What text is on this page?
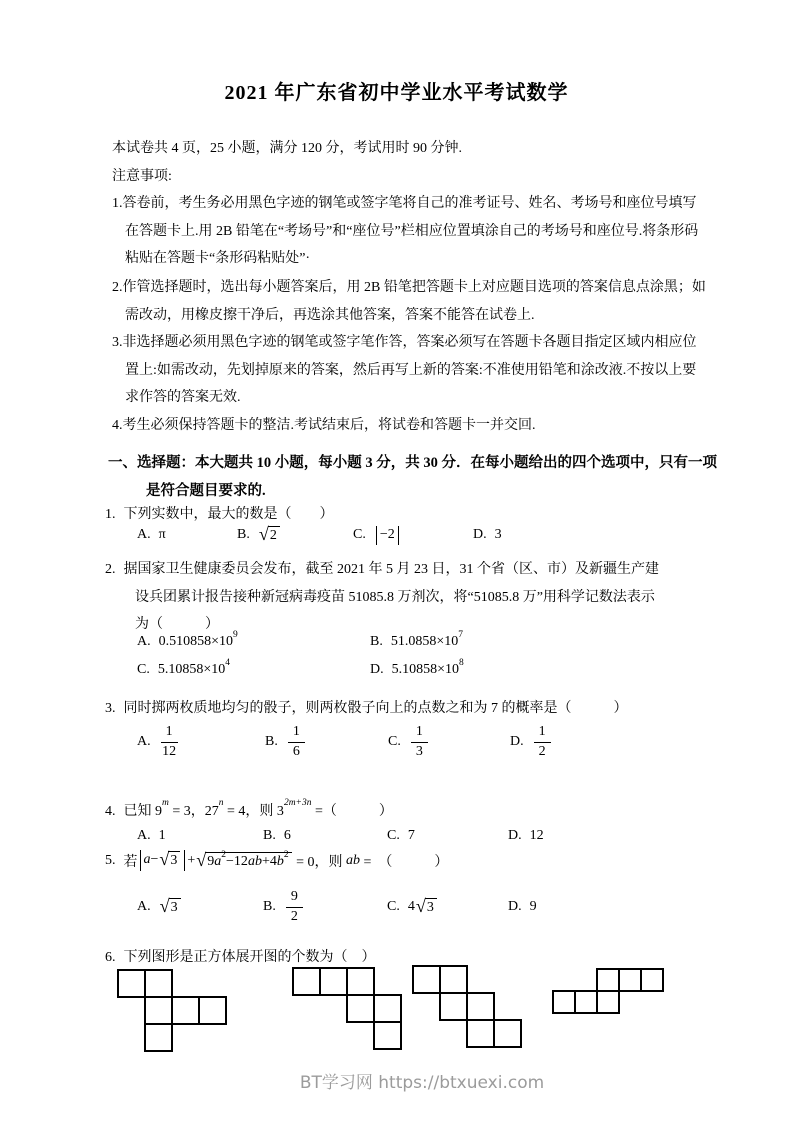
2021 年广东省初中学业水平考试数学
本试卷共 4 页，25 小题，满分 120 分，考试用时 90 分钟.
注意事项:
1.答卷前，考生务必用黑色字迹的钢笔或签字笔将自己的准考证号、姓名、考场号和座位号填写
在答题卡上.用 2B 铅笔在“考场号”和“座位号”栏相应位置填涂自己的考场号和座位号.将条形码
粘贴在答题卡“条形码粘贴处”·
2.作管选择题时，选出每小题答案后，用 2B 铅笔把答题卡上对应题目选项的答案信息点涂黑；如
需改动，用橡皮擦干净后，再选涂其他答案，答案不能答在试卷上.
3.非选择题必须用黑色字迹的钢笔或签字笔作答，答案必须写在答题卡各题目指定区域内相应位
置上:如需改动，先划掉原来的答案，然后再写上新的答案:不准使用铅笔和涂改液.不按以上要
求作答的答案无效.
4.考生必须保持答题卡的整洁.考试结束后，将试卷和答题卡一并交回.
一、选择题：本大题共 10 小题，每小题 3 分，共 30 分．在每小题给出的四个选项中，只有一项
是符合题目要求的.
1. 下列实数中，最大的数是（　　）
A. π	B. √ 2	C. −2	D. 3
2. 据国家卫生健康委员会发布，截至 2021 年 5 月 23 日，31 个省（区、市）及新疆生产建
设兵团累计报告接种新冠病毒疫苗 51085.8 万剂次，将“51085.8 万”用科学记数法表示
为（　　　）
A. 0.510858×10 9	B. 51.0858×10 7
C. 5.10858×10 4	D. 5.10858×10 8
3. 同时掷两枚质地均匀的骰子，则两枚骰子向上的点数之和为 7 的概率是（　　　）
A. $\frac{1}{12}$	B. $\frac{1}{6}$	C. $\frac{1}{3}$	D. $\frac{1}{2}$
4. 已知 9
m
= 3，27
n
= 4，则 3
2m+3n
=（　　　）
A. 1	B. 6	C. 7	D. 12
5. 若 a − √ 3 + √ 9 a 2 −12 ab +4 b 2 = 0，则 ab =  （　　　）
A. √ 3	B. $\frac{9}{2}$	C. 4 √ 3	D. 9
6. 下列图形是正方体展开图的个数为（　）
BT学习网 https://btxuexi.com
